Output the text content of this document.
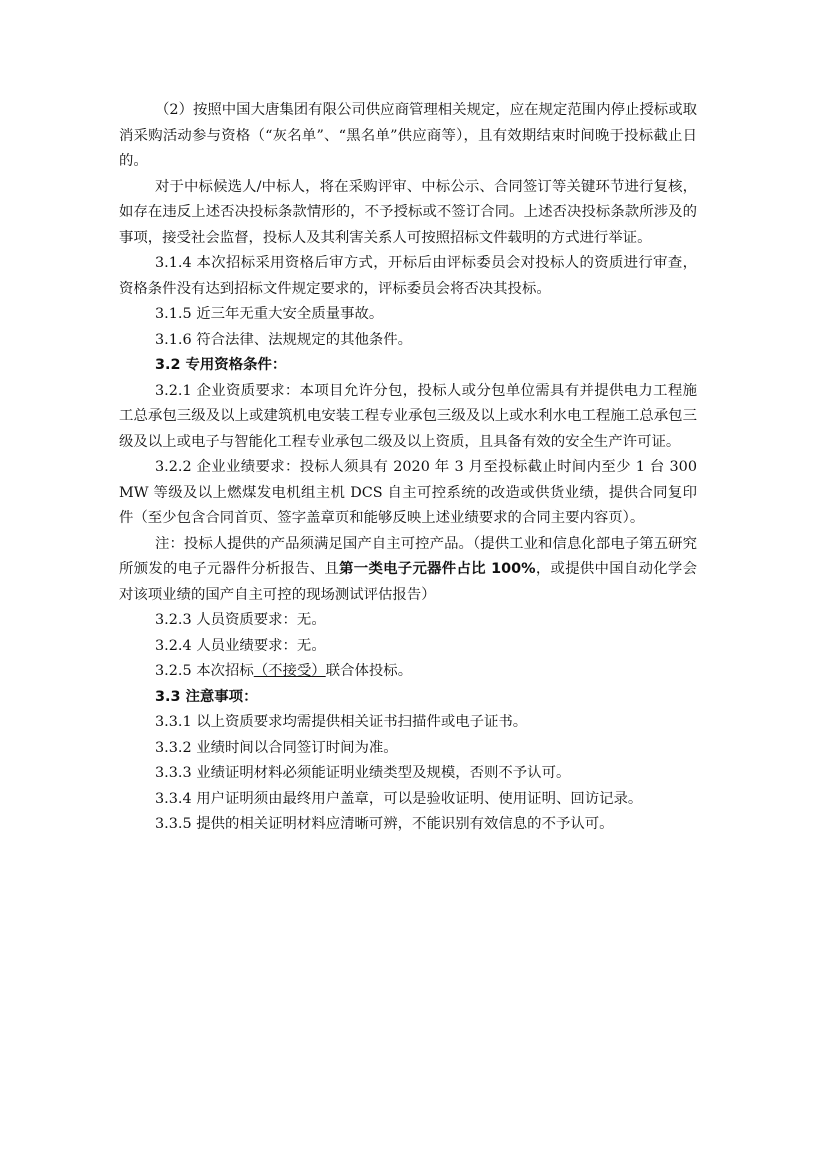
（2）按照中国大唐集团有限公司供应商管理相关规定，应在规定范围内停止授标或取消采购活动参与资格（“灰名单”、“黑名单”供应商等），且有效期结束时间晚于投标截止日的。

对于中标候选人/中标人，将在采购评审、中标公示、合同签订等关键环节进行复核，如存在违反上述否决投标条款情形的，不予授标或不签订合同。上述否决投标条款所涉及的事项，接受社会监督，投标人及其利害关系人可按照招标文件载明的方式进行举证。

3.1.4 本次招标采用资格后审方式，开标后由评标委员会对投标人的资质进行审查，资格条件没有达到招标文件规定要求的，评标委员会将否决其投标。

3.1.5 近三年无重大安全质量事故。

3.1.6 符合法律、法规规定的其他条件。

3.2 专用资格条件：

3.2.1 企业资质要求：本项目允许分包，投标人或分包单位需具有并提供电力工程施工总承包三级及以上或建筑机电安装工程专业承包三级及以上或水利水电工程施工总承包三级及以上或电子与智能化工程专业承包二级及以上资质，且具备有效的安全生产许可证。

3.2.2 企业业绩要求：投标人须具有 2020 年 3 月至投标截止时间内至少 1 台 300MW 等级及以上燃煤发电机组主机 DCS 自主可控系统的改造或供货业绩，提供合同复印件（至少包含合同首页、签字盖章页和能够反映上述业绩要求的合同主要内容页）。

注：投标人提供的产品须满足国产自主可控产品。（提供工业和信息化部电子第五研究所颁发的电子元器件分析报告、且第一类电子元器件占比 100%，或提供中国自动化学会对该项业绩的国产自主可控的现场测试评估报告）

3.2.3 人员资质要求：无。

3.2.4 人员业绩要求：无。

3.2.5 本次招标（不接受）联合体投标。

3.3 注意事项：

3.3.1 以上资质要求均需提供相关证书扫描件或电子证书。

3.3.2 业绩时间以合同签订时间为准。

3.3.3 业绩证明材料必须能证明业绩类型及规模，否则不予认可。

3.3.4 用户证明须由最终用户盖章，可以是验收证明、使用证明、回访记录。

3.3.5 提供的相关证明材料应清晰可辨，不能识别有效信息的不予认可。
